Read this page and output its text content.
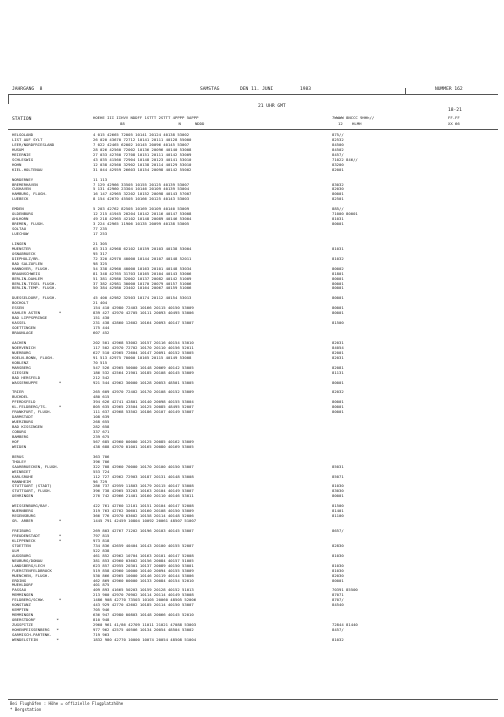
JAHRGANG  8	SAMSTAG	DEN 11. JUNI	1983	NUMMER 162
21 UHR GMT
18-21
STATION	HOEHE III IIHVV NDDFF 1STTT 2STTT 4PPPP 5APPP
88                       N      NDDD
7WWWW 8NCCC 9HHh//
12    HLMH
FF-FF
XX 66
HELGOLAND	4 015 42665 72005 10141 20124 40138 53002	875//
LIST AUF SYLT	26 020 43670 72712 10141 20111 40128 55000	82532
LEER/NORDFRIESLAND	7 022 42465 62002 10145 20096 40145 53007	84500
HUSUM	28 026 42560 72002 10136 20096 40140 53008	84502
MEIERNIE	27 033 42760 72708 10151 20111 40142 53009	8457/
SCHLESWIG	43 035 41560 72904 10148 20123 40141 53010	71022 846//
HOHN	12 038 42560 32902 10138 20114 40129 53010	83200
KIEL-HOLTENAU	31 044 42959 26603 10154 20098 40142 55002	82001
NORDERNEY	11 113
BREMERHAVEN	7 129 42966 33505 10155 20125 40139 53007	83032
CUXHAVEN	5 131 42960 23304 10146 20109 40139 53004	82030
HAMBURG, FLUGH.	16 147 42965 32202 10152 20098 40143 57007	80001
LUEBECK	8 154 42670 45505 10166 20125 40143 53003	82501
EMDEN	5 203 42762 82505 10169 20109 40140 53009	885//
OLDENBURG	12 215 41945 20204 10142 20116 40147 53008	71000 80001
AHLHORN	49 218 42965 42102 10148 20089 40146 53004	81031
BREMEN, FLUGH.	3 224 42965 11906 10135 20099 40138 53005	80001
SOLTAU	77 235
LUECHOW	17 253
LINGEN	21 305
MUENSTER	63 313 42968 62102 10159 20103 40138 53004	81031
OSNABRUECK	95 317
DIEPHOLZ/BR.	72 320 42970 40000 10144 20107 40148 52011	81032
BAD SALZUFLEN	98 325
HANNOVER, FLUGH.	54 338 42960 40000 10163 20101 40148 53034	80002
BRAUNSCHWEIG	81 348 42765 31703 10165 20104 40143 53006	81801
BERLIN-DAHLEM	51 381 42980 32002 10137 20082 40142 51009	80001
BERLIN-TEGEL FLUGH.	37 382 42981 30000 10170 20079 40157 51006	80001
BERLIN-TEMP. FLUGH.	50 384 42980 23402 10164 20067 40159 51006	80001
DUESSELDORF, FLUGH.	45 400 42982 32503 10174 20112 40154 53013	80001
BOCHOLT	21 404
ESSEN	154 410 42980 72403 10166 20115 40150 53009	80001
KAHLER ASTEN        *	839 427 42970 42705 10111 20093 40495 53006	80001
BAD LIPPSPRINGE	151 430
KASSEL	231 438 42860 12602 10164 20093 40147 53007	81500
GOETTINGEN	175 444
BRAUNLAGE	607 452
AACHEN	202 501 42968 53002 10157 20116 40154 53010	82031
NOERVENICH	117 502 42970 72702 10170 20110 40156 52011	84054
NUERBURG	627 510 42965 72604 10147 20091 40152 53005	82001
KOELN-BONN, FLUGH.	91 513 42975 70000 10165 20115 40149 53008	82031
KOBLENZ	70 515
MARSBERG	547 526 42965 50000 10148 20069 40142 53005	82081
GIESSEN	186 532 42564 21901 10185 20108 40145 53009	81131
BAD HERSFELD	212 542
WASSERKUPPE         *	921 544 42962 30000 10128 20053 48501 53005	80001
TRIER	265 609 42970 72402 10170 20108 40152 53009	82032
BUCHDEL	480 615
PFERDSFELD	394 626 42741 42801 10140 20098 40155 53004	80001
KL.FELDBERG/TS.     *	805 635 42965 23504 10125 20085 48495 52007	80001
FRANKFURT, FLUGH.	111 637 42968 53502 10186 20107 40149 53007	80001
DARMSTADT	108 639
WUERZBURG	268 655
BAD KISSINGEN	282 658
COBURG	337 671
BAMBERG	239 675
HOF	567 685 42960 00000 10125 20085 40162 53009
WEIDEN	438 688 42970 01001 10165 20080 40169 53005
BERUS	363 706
THOLEY	396 706
SAARBRUECKEN, FLUGH.	322 708 42960 70000 10170 20100 40150 53007	85031
WEINBIET	553 724
KARLSRUHE	112 727 42962 72903 10187 20131 40148 53008	85071
MANNHEIM	96 729
STUTTGART (STADT)	286 737 42959 11803 10179 20115 40147 53008	81030
STUTTGART, FLUGH.	396 738 42965 33203 10163 20104 40149 53007	83030
OEHRINGEN	276 742 42966 21401 10160 20110 40146 53011	80001
WEISSENBURG/BAY.	422 761 42760 12101 10151 20104 40147 52008	81500
NUERNBERG	319 763 42762 30601 10160 20108 40150 53009	81401
REGENSBURG	366 776 42970 03602 10158 20114 40148 52006	81100
GR. ARBER           *	1445 791 42459 10804 10092 20061 48507 51007
FREIBURG	269 803 42767 71202 10196 20103 40145 53007	8657/
FREUDENSTADT        *	797 815
KLIPPENECK          *	973 818
STOETTEN	734 836 42659 40404 10143 20100 40155 52007	82830
ULM	522 838
AUGSBURG	461 852 42962 10704 10163 20101 40147 52008	81030
NEUBURG/DONAU	381 853 42960 03602 10156 20084 40157 51005
LANDSBERG/LECH	623 857 42955 20301 10137 20089 40150 53001	81030
FUERSTENFELDBRUCK	519 858 42960 10000 10140 20094 40155 53009	81030
MUENCHEN, FLUGH.	530 866 42965 10000 10146 20119 40144 53006	82030
ERDING	462 869 42960 00000 10133 20084 40154 52010	80001
MUEHLDORF	401 875
PASSAU	409 893 41665 50203 10159 20128 40152 51013	70391 85500
MEMMINGEN	213 900 42970 70902 10114 20114 40149 53008	87071
FELDBERG/SCHW.      *	1486 908 42770 73503 10105 20060 48505 52006	8707/
KONSTANZ	443 929 42770 42602 10185 20114 40150 53007	84540
KEMPTEN	705 946
MEMMINGEN	636 947 42980 00803 10148 20066 40145 52010
OBERSTDORF         *	810 948
ZUGSPITZE	2960 961 41/86 42709 11011 21021 47088 53003	72844 81440
HOHENPEISSENBERG   *	977 962 42575 40506 10134 20054 48504 53002	8457/
GARMISCH-PARTENK.	719 963
WENDELSTEIN        *	1832 980 42770 10000 10074 20054 48508 51004	81032
Bei Flughäfen : Höhe = offizielle Flugplatzhöhe
* Bergstation
